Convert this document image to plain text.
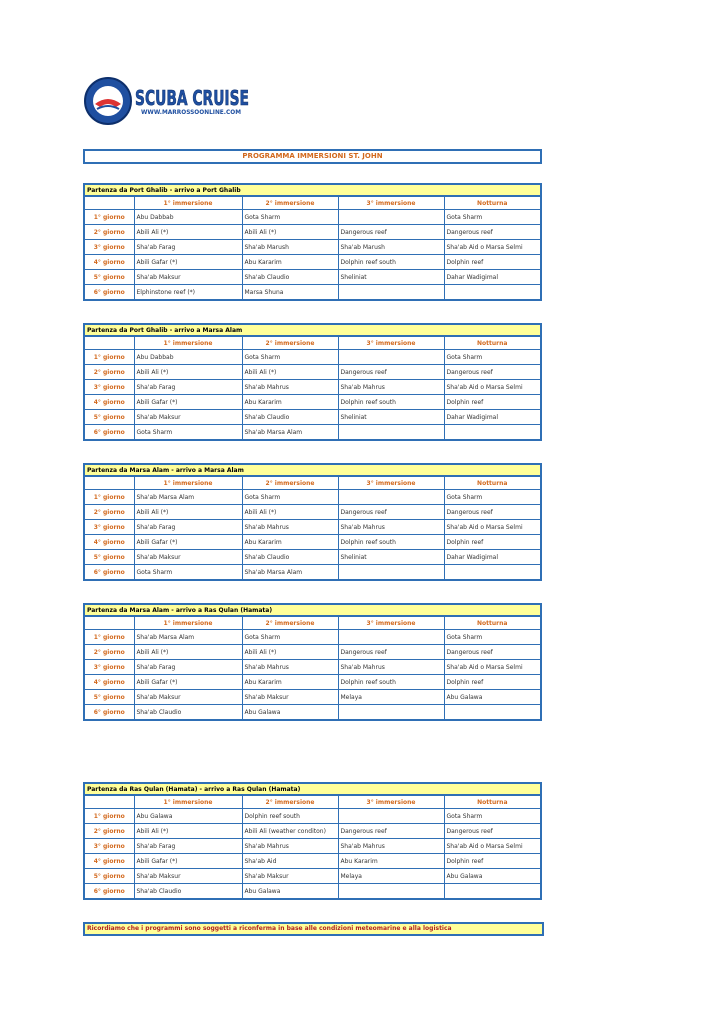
SCUBA CRUISE
WWW.MARROSSOONLINE.COM
PROGRAMMA IMMERSIONI ST. JOHN
Partenza da Port Ghalib - arrivo a Port Ghalib				
	1° immersione	2° immersione	3° immersione	Notturna
1° giorno	Abu Dabbab	Gota Sharm		Gota Sharm
2° giorno	Abili Ali (*)	Abili Ali (*)	Dangerous reef	Dangerous reef
3° giorno	Sha'ab Farag	Sha'ab Marush	Sha'ab Marush	Sha'ab Aid o Marsa Selmi
4° giorno	Abili Gafar (*)	Abu Kararim	Dolphin reef south	Dolphin reef
5° giorno	Sha'ab Maksur	Sha'ab Claudio	Sheliniat	Dahar Wadigimal
6° giorno	Elphinstone reef (*)	Marsa Shuna		
Partenza da Port Ghalib - arrivo a Marsa Alam				
	1° immersione	2° immersione	3° immersione	Notturna
1° giorno	Abu Dabbab	Gota Sharm		Gota Sharm
2° giorno	Abili Ali (*)	Abili Ali (*)	Dangerous reef	Dangerous reef
3° giorno	Sha'ab Farag	Sha'ab Mahrus	Sha'ab Mahrus	Sha'ab Aid o Marsa Selmi
4° giorno	Abili Gafar (*)	Abu Kararim	Dolphin reef south	Dolphin reef
5° giorno	Sha'ab Maksur	Sha'ab Claudio	Sheliniat	Dahar Wadigimal
6° giorno	Gota Sharm	Sha'ab Marsa Alam		
Partenza da Marsa Alam - arrivo a Marsa Alam				
	1° immersione	2° immersione	3° immersione	Notturna
1° giorno	Sha'ab Marsa Alam	Gota Sharm		Gota Sharm
2° giorno	Abili Ali (*)	Abili Ali (*)	Dangerous reef	Dangerous reef
3° giorno	Sha'ab Farag	Sha'ab Mahrus	Sha'ab Mahrus	Sha'ab Aid o Marsa Selmi
4° giorno	Abili Gafar (*)	Abu Kararim	Dolphin reef south	Dolphin reef
5° giorno	Sha'ab Maksur	Sha'ab Claudio	Sheliniat	Dahar Wadigimal
6° giorno	Gota Sharm	Sha'ab Marsa Alam		
Partenza da Marsa Alam - arrivo a Ras Qulan (Hamata)				
	1° immersione	2° immersione	3° immersione	Notturna
1° giorno	Sha'ab Marsa Alam	Gota Sharm		Gota Sharm
2° giorno	Abili Ali (*)	Abili Ali (*)	Dangerous reef	Dangerous reef
3° giorno	Sha'ab Farag	Sha'ab Mahrus	Sha'ab Mahrus	Sha'ab Aid o Marsa Selmi
4° giorno	Abili Gafar (*)	Abu Kararim	Dolphin reef south	Dolphin reef
5° giorno	Sha'ab Maksur	Sha'ab Maksur	Melaya	Abu Galawa
6° giorno	Sha'ab Claudio	Abu Galawa		
Partenza da Ras Qulan (Hamata) - arrivo a Ras Qulan (Hamata)				
	1° immersione	2° immersione	3° immersione	Notturna
1° giorno	Abu Galawa	Dolphin reef south		Gota Sharm
2° giorno	Abili Ali (*)	Abili Ali (weather conditon)	Dangerous reef	Dangerous reef
3° giorno	Sha'ab Farag	Sha'ab Mahrus	Sha'ab Mahrus	Sha'ab Aid o Marsa Selmi
4° giorno	Abili Gafar (*)	Sha'ab Aid	Abu Kararim	Dolphin reef
5° giorno	Sha'ab Maksur	Sha'ab Maksur	Melaya	Abu Galawa
6° giorno	Sha'ab Claudio	Abu Galawa		
Ricordiamo che i programmi sono soggetti a riconferma in base alle condizioni meteomarine e alla logistica
